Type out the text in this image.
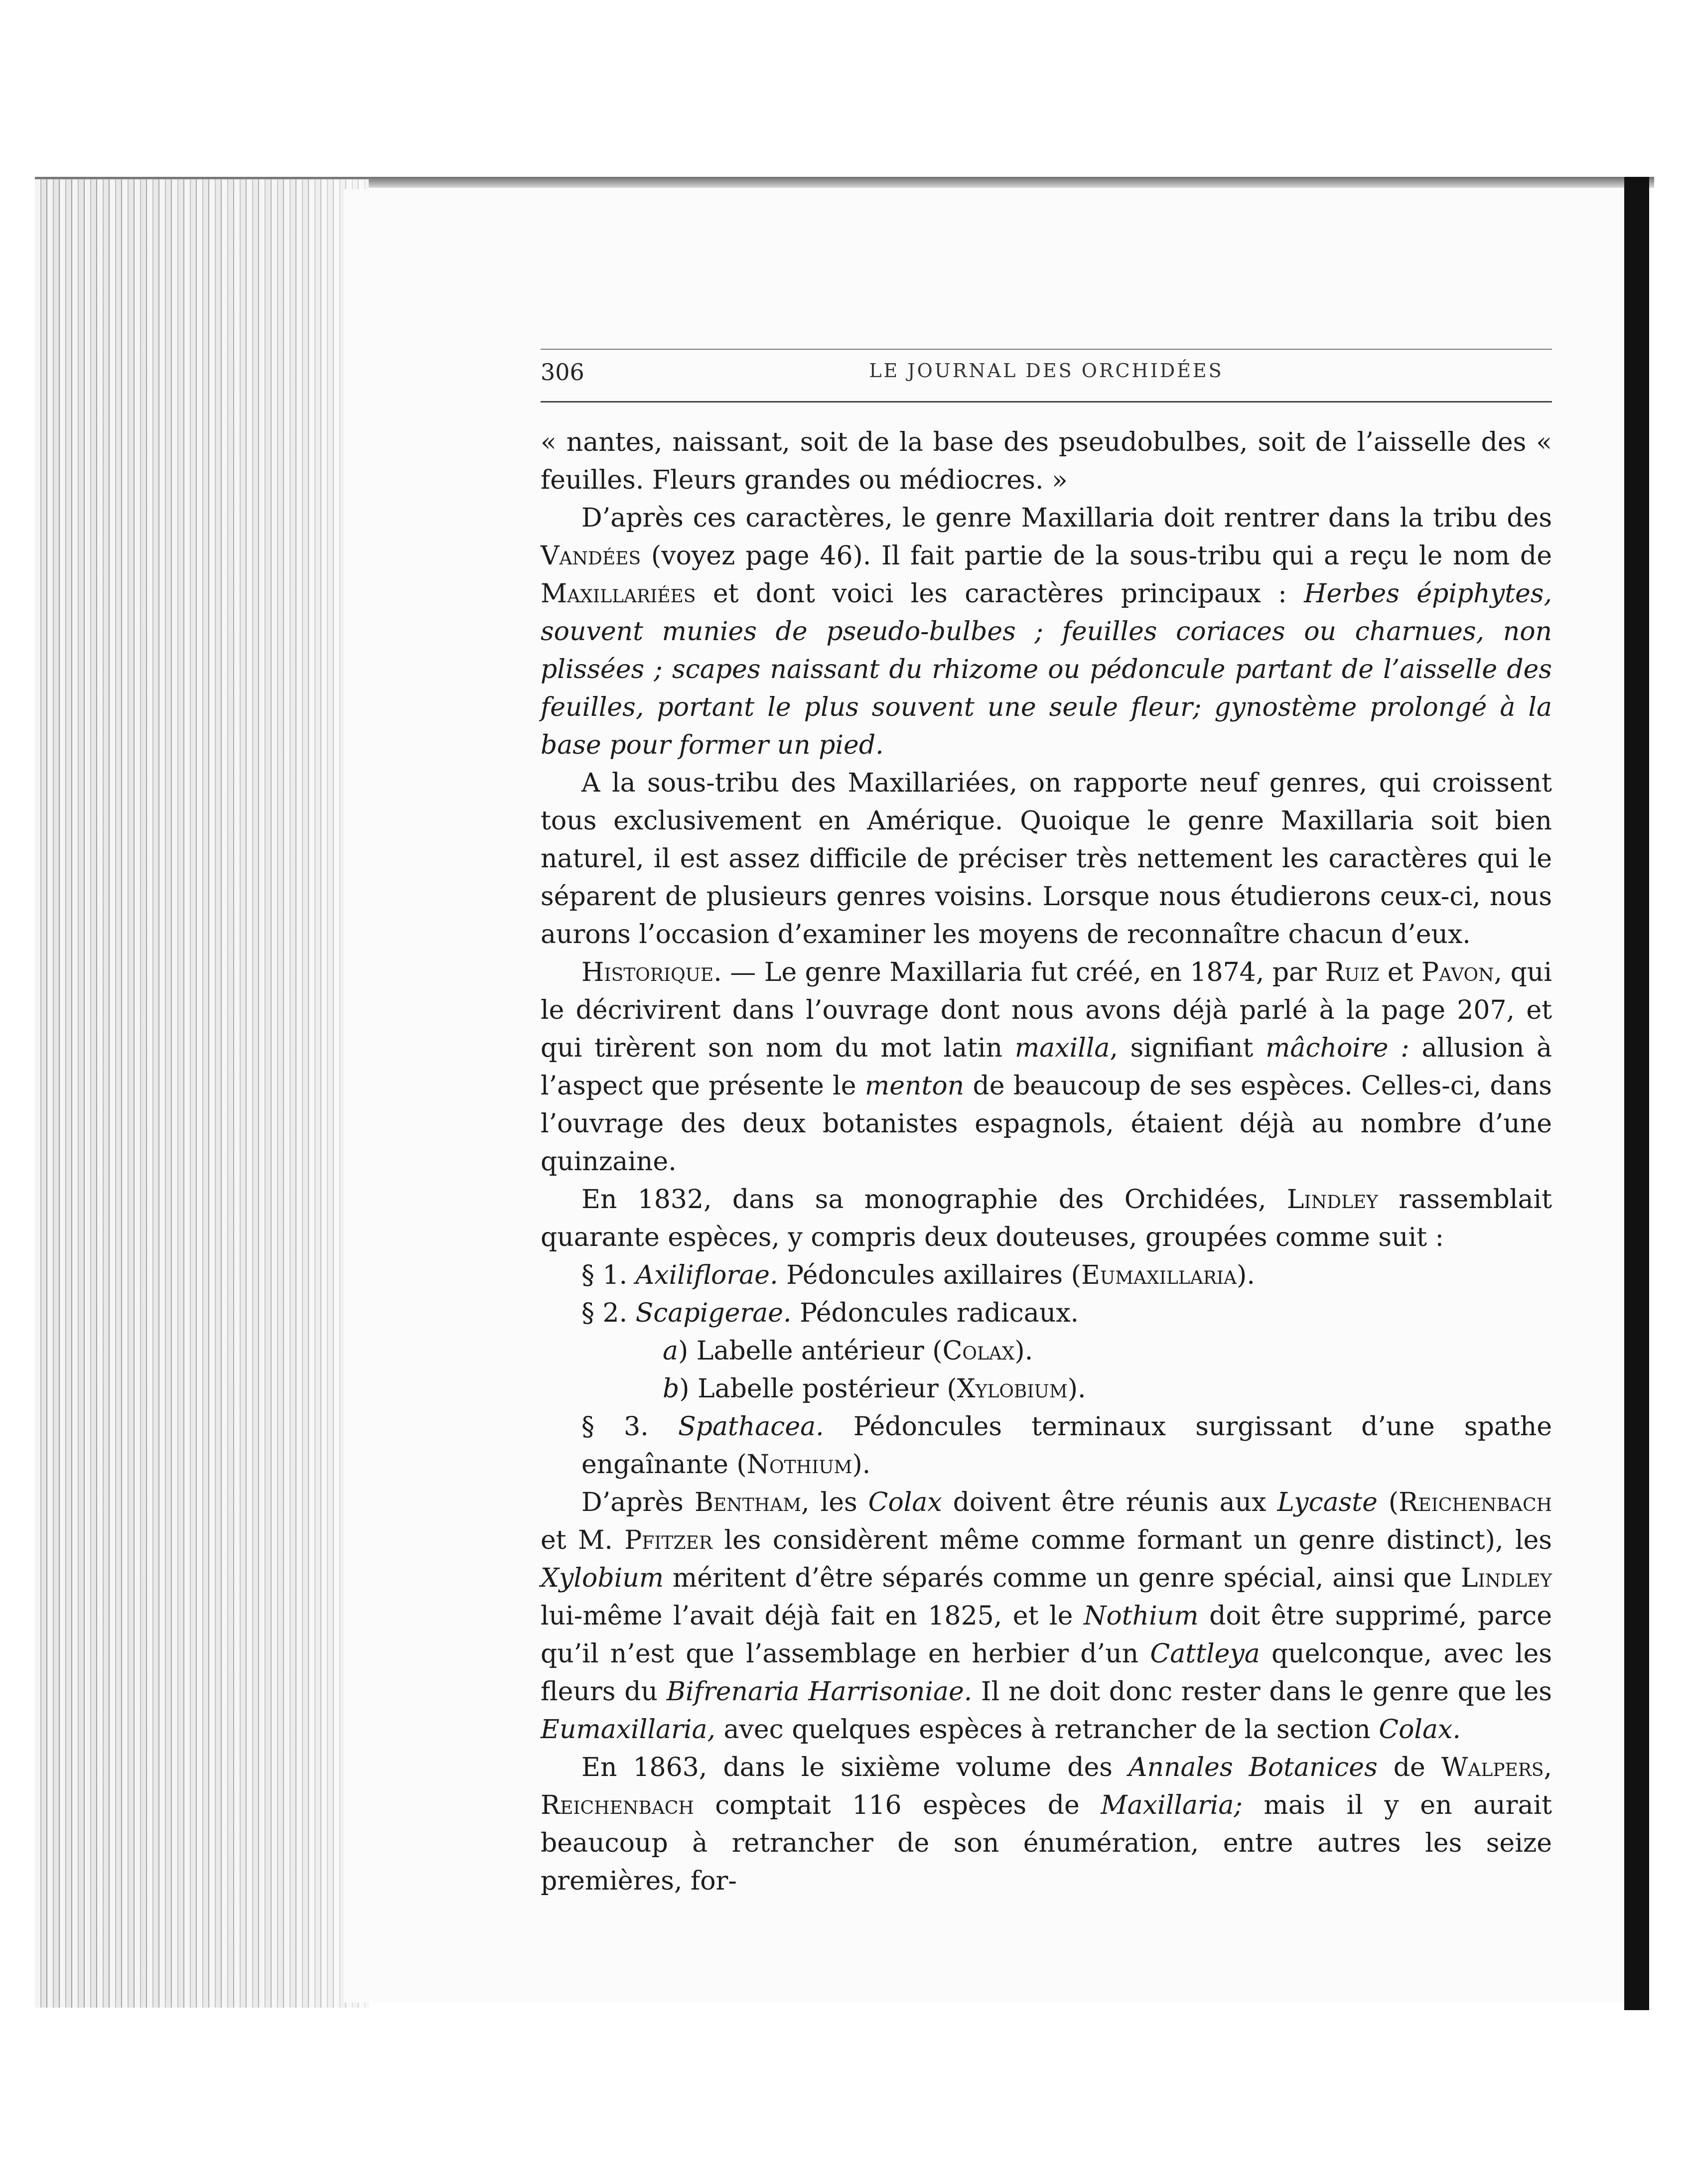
306	LE JOURNAL DES ORCHIDÉES

« nantes, naissant, soit de la base des pseudobulbes, soit de l’aisselle des « feuilles. Fleurs grandes ou médiocres. »

D’après ces caractères, le genre Maxillaria doit rentrer dans la tribu des Vandées (voyez page 46). Il fait partie de la sous-tribu qui a reçu le nom de Maxillariées et dont voici les caractères principaux : Herbes épiphytes, souvent munies de pseudo-bulbes ; feuilles coriaces ou charnues, non plissées ; scapes naissant du rhizome ou pédoncule partant de l’aisselle des feuilles, portant le plus souvent une seule fleur; gynostème prolongé à la base pour former un pied.

A la sous-tribu des Maxillariées, on rapporte neuf genres, qui croissent tous exclusivement en Amérique. Quoique le genre Maxillaria soit bien naturel, il est assez difficile de préciser très nettement les caractères qui le séparent de plusieurs genres voisins. Lorsque nous étudierons ceux-ci, nous aurons l’occasion d’examiner les moyens de reconnaître chacun d’eux.

Historique. — Le genre Maxillaria fut créé, en 1874, par Ruiz et Pavon, qui le décrivirent dans l’ouvrage dont nous avons déjà parlé à la page 207, et qui tirèrent son nom du mot latin maxilla, signifiant mâchoire : allusion à l’aspect que présente le menton de beaucoup de ses espèces. Celles-ci, dans l’ouvrage des deux botanistes espagnols, étaient déjà au nombre d’une quinzaine.

En 1832, dans sa monographie des Orchidées, Lindley rassemblait quarante espèces, y compris deux douteuses, groupées comme suit :

§ 1. Axiliflorae. Pédoncules axillaires (Eumaxillaria).

§ 2. Scapigerae. Pédoncules radicaux.

a) Labelle antérieur (Colax).

b) Labelle postérieur (Xylobium).

§ 3. Spathacea. Pédoncules terminaux surgissant d’une spathe engaînante (Nothium).

D’après Bentham, les Colax doivent être réunis aux Lycaste (Reichenbach et M. Pfitzer les considèrent même comme formant un genre distinct), les Xylobium méritent d’être séparés comme un genre spécial, ainsi que Lindley lui-même l’avait déjà fait en 1825, et le Nothium doit être supprimé, parce qu’il n’est que l’assemblage en herbier d’un Cattleya quelconque, avec les fleurs du Bifrenaria Harrisoniae. Il ne doit donc rester dans le genre que les Eumaxillaria, avec quelques espèces à retrancher de la section Colax.

En 1863, dans le sixième volume des Annales Botanices de Walpers, Reichenbach comptait 116 espèces de Maxillaria; mais il y en aurait beaucoup à retrancher de son énumération, entre autres les seize premières, for-
